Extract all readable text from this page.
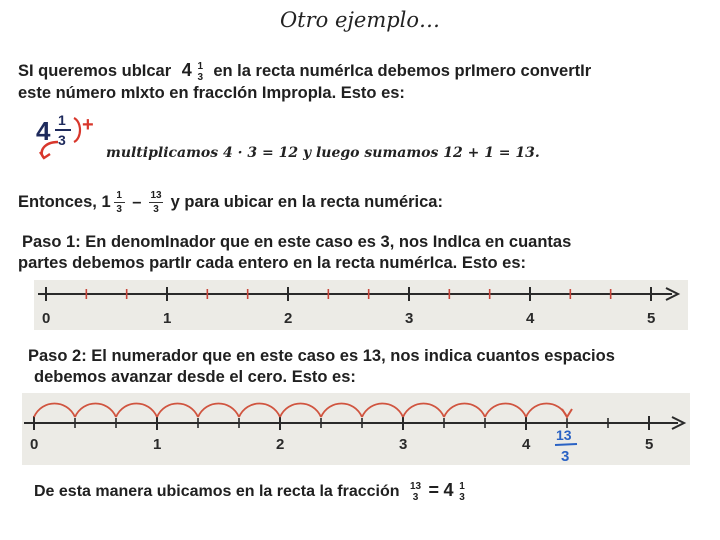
Otro ejemplo…
SI queremos ubIcar 4 1
3 en la recta numérIca debemos prImero convertIr
este número mIxto en fraccIón ImpropIa. Esto es:
4 1
3
+
multiplicamos 4 · 3 = 12 y luego sumamos 12 + 1 = 13.
Entonces, $1 \frac{1}{3} - \frac{13}{3}$ y para ubicar en la recta numérica:
Paso 1: En denomInador que en este caso es 3, nos IndIca en cuantas
partes debemos partIr cada entero en la recta numérIca. Esto es:
0	1	2	3	4	5
Paso 2: El numerador que en este caso es 13, nos indica cuantos espacios
debemos avanzar desde el cero. Esto es:
0	1	2	3	4	5
13
3
De esta manera ubicamos en la recta la fracción 13
3 = 4 1
3
